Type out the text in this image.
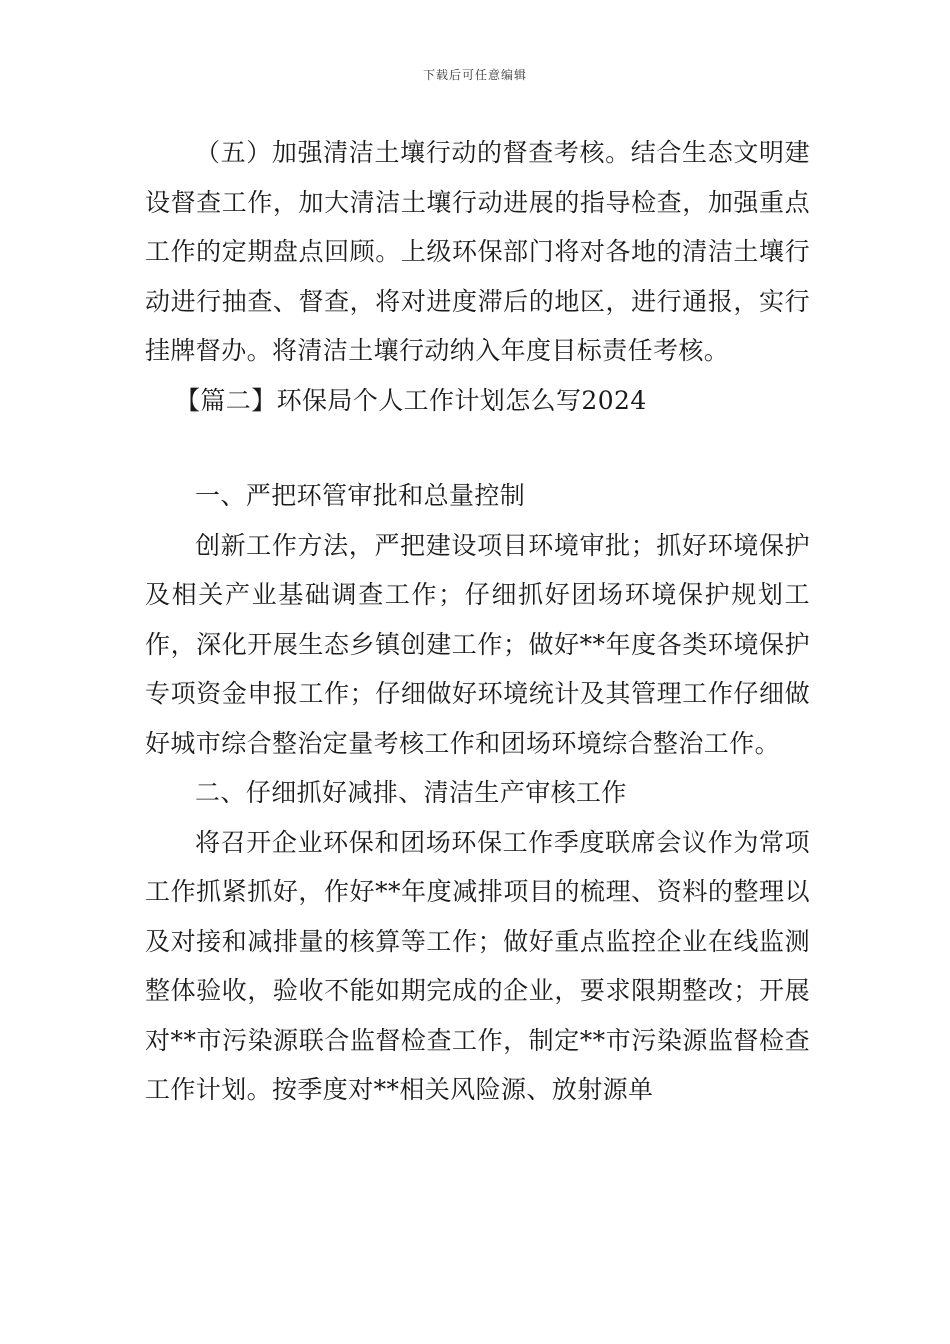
下载后可任意编辑

（五）加强清洁土壤行动的督查考核。结合生态文明建设督查工作，加大清洁土壤行动进展的指导检查，加强重点工作的定期盘点回顾。上级环保部门将对各地的清洁土壤行动进行抽查、督查，将对进度滞后的地区，进行通报，实行挂牌督办。将清洁土壤行动纳入年度目标责任考核。

【篇二】环保局个人工作计划怎么写2024

一、严把环管审批和总量控制

创新工作方法，严把建设项目环境审批；抓好环境保护及相关产业基础调查工作；仔细抓好团场环境保护规划工作，深化开展生态乡镇创建工作；做好**年度各类环境保护专项资金申报工作；仔细做好环境统计及其管理工作仔细做好城市综合整治定量考核工作和团场环境综合整治工作。

二、仔细抓好减排、清洁生产审核工作

将召开企业环保和团场环保工作季度联席会议作为常项工作抓紧抓好，作好**年度减排项目的梳理、资料的整理以及对接和减排量的核算等工作；做好重点监控企业在线监测整体验收，验收不能如期完成的企业，要求限期整改；开展对**市污染源联合监督检查工作，制定**市污染源监督检查工作计划。按季度对**相关风险源、放射源单
